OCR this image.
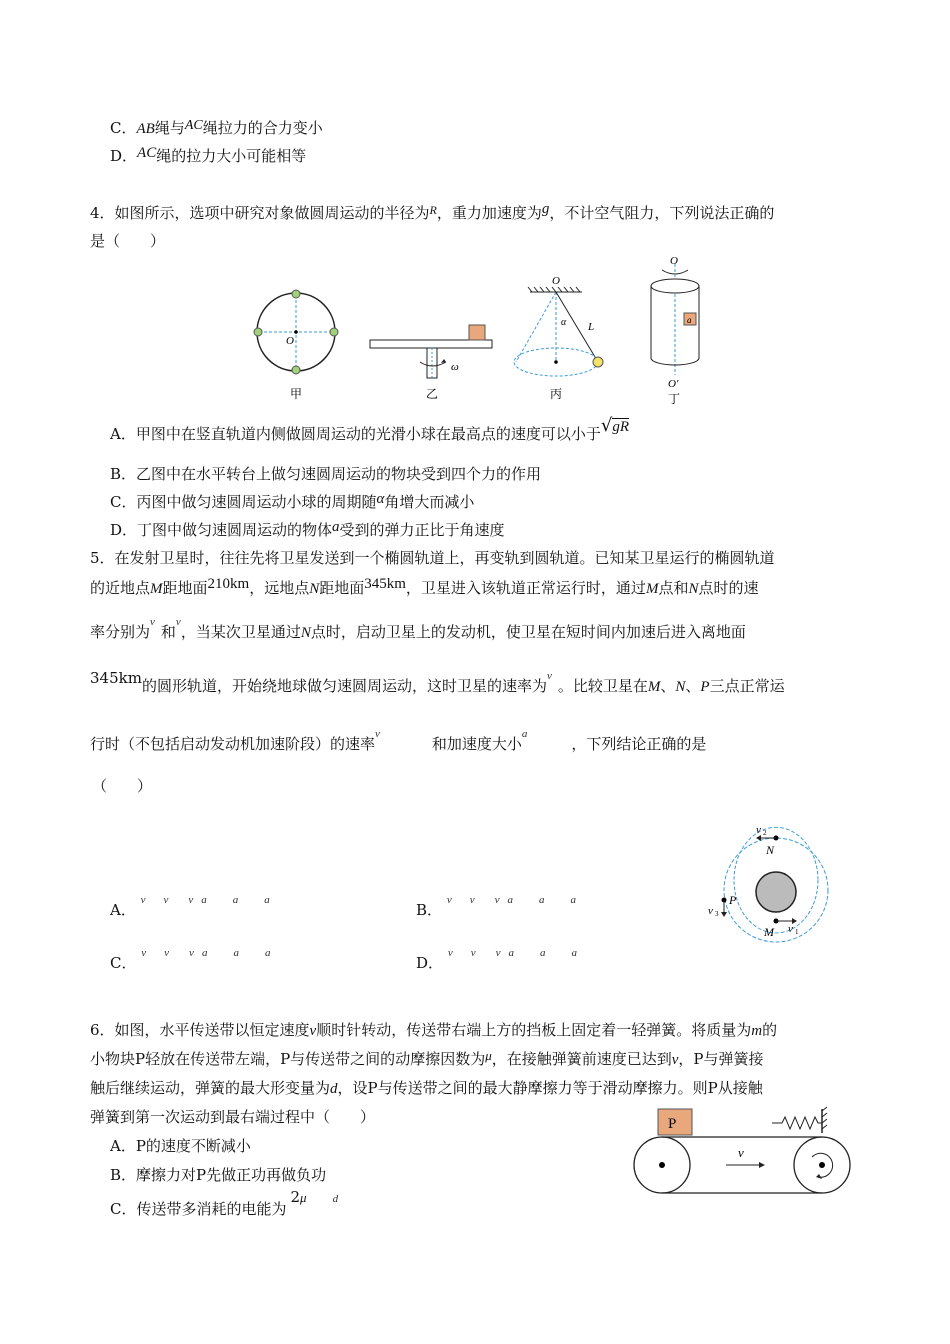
C．AB绳与AC绳拉力的合力变小
D．AC绳的拉力大小可能相等
4．如图所示，选项中研究对象做圆周运动的半径为$^R$，重力加速度为g，不计空气阻力，下列说法正确的
是（　　）
O
甲
ω
乙
O
α L
丙
O
a
O′
丁
A．甲图中在竖直轨道内侧做圆周运动的光滑小球在最高点的速度可以小于√gR
B．乙图中在水平转台上做匀速圆周运动的物块受到四个力的作用
C．丙图中做匀速圆周运动小球的周期随α角增大而减小
D．丁图中做匀速圆周运动的物体a受到的弹力正比于角速度
5．在发射卫星时，往往先将卫星发送到一个椭圆轨道上，再变轨到圆轨道。已知某卫星运行的椭圆轨道
的近地点M距地面210km，远地点N距地面345km，卫星进入该轨道正常运行时，通过M点和N点时的速
率分别为$^v$和$^v$，当某次卫星通过N点时，启动卫星上的发动机，使卫星在短时间内加速后进入离地面
345km的圆形轨道，开始绕地球做匀速圆周运动，这时卫星的速率为$^v$。比较卫星在M、N、P三点正常运
行时（不包括启动发动机加速阶段）的速率$^v$和加速度大小$^a$，下列结论正确的是
（　　）
A． $^v$ $^v$ $^v$ $^a$ $^a$ $^a$
B． $^v$ $^v$ $^v$ $^a$ $^a$ $^a$
C． $^v$ $^v$ $^v$ $^a$ $^a$ $^a$
D． $^v$ $^v$ $^v$ $^a$ $^a$ $^a$
v 2
N
P
v 3
M v 1
6．如图，水平传送带以恒定速度v顺时针转动，传送带右端上方的挡板上固定着一轻弹簧。将质量为m的
小物块P轻放在传送带左端，P与传送带之间的动摩擦因数为μ，在接触弹簧前速度已达到v，P与弹簧接
触后继续运动，弹簧的最大形变量为d，设P与传送带之间的最大静摩擦力等于滑动摩擦力。则P从接触
弹簧到第一次运动到最右端过程中（　　）
A．P的速度不断减小
B．摩擦力对P先做正功再做负功
C．传送带多消耗的电能为2μ $^d$
P
v
